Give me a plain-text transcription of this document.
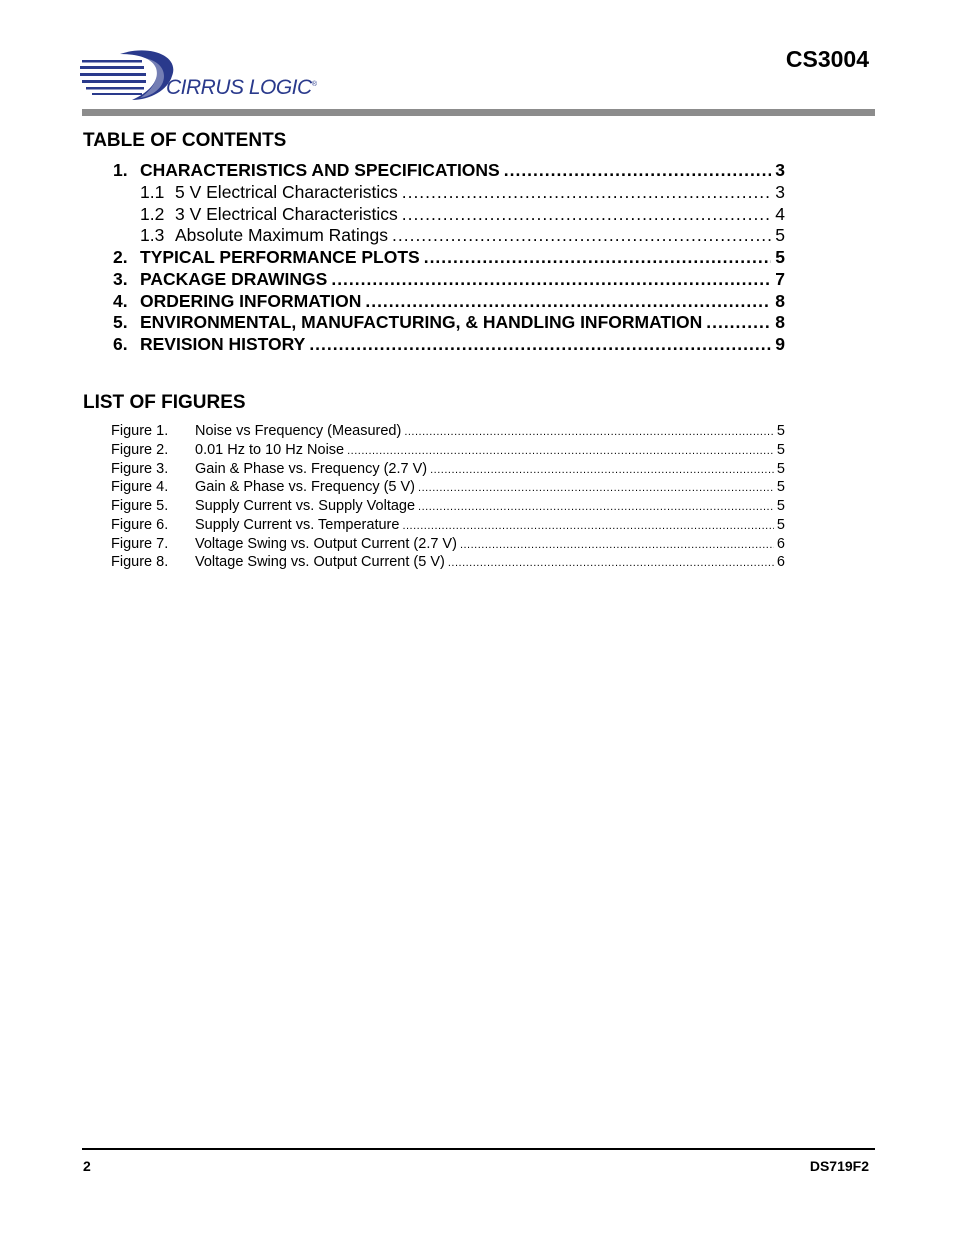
CIRRUS LOGIC®
CS3004
TABLE OF CONTENTS
1. CHARACTERISTICS AND SPECIFICATIONS .....	3
1.1 5 V Electrical Characteristics .....	3
1.2 3 V Electrical Characteristics .....	4
1.3 Absolute Maximum Ratings .....	5
2. TYPICAL PERFORMANCE PLOTS .....	5
3. PACKAGE DRAWINGS .....	7
4. ORDERING INFORMATION .....	8
5. ENVIRONMENTAL, MANUFACTURING, & HANDLING INFORMATION .....	8
6. REVISION HISTORY .....	9
LIST OF FIGURES
Figure 1.	Noise vs Frequency (Measured) .....	5
Figure 2.	0.01 Hz to 10 Hz Noise .....	5
Figure 3.	Gain & Phase vs. Frequency (2.7 V) .....	5
Figure 4.	Gain & Phase vs. Frequency (5 V) .....	5
Figure 5.	Supply Current vs. Supply Voltage .....	5
Figure 6.	Supply Current vs. Temperature .....	5
Figure 7.	Voltage Swing vs. Output Current (2.7 V) .....	6
Figure 8.	Voltage Swing vs. Output Current (5 V) .....	6
2	DS719F2
